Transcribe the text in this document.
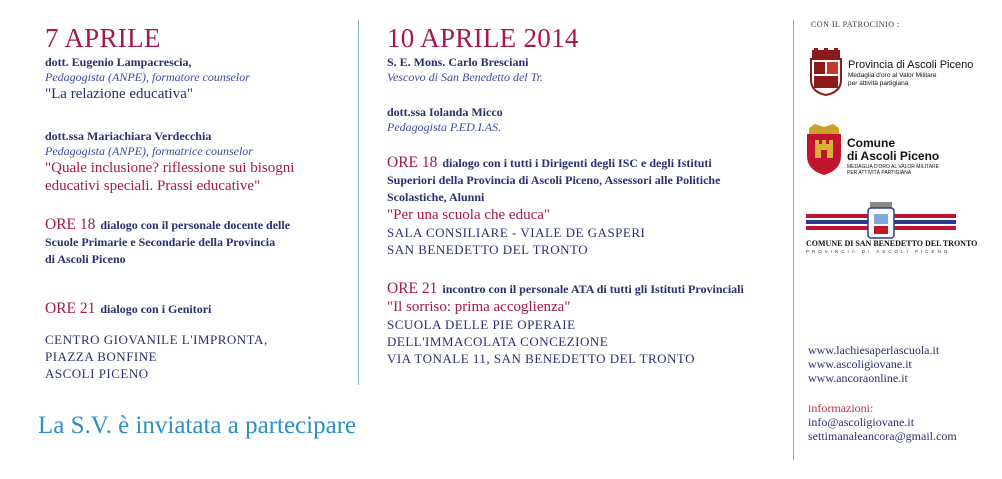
7 APRILE
dott. Eugenio Lampacrescia,
Pedagogista (ANPE), formatore counselor
"La relazione educativa"
dott.ssa Mariachiara Verdecchia
Pedagogista (ANPE), formatrice counselor
"Quale inclusione? riflessione sui bisogni
educativi speciali. Prassi educative"
ORE 18 dialogo con il personale docente delle
Scuole Primarie e Secondarie della Provincia
di Ascoli Piceno
ORE 21 dialogo con i Genitori
CENTRO GIOVANILE L'IMPRONTA,
PIAZZA BONFINE
ASCOLI PICENO
10 APRILE 2014
S. E. Mons. Carlo Bresciani
Vescovo di San Benedetto del Tr.
dott.ssa Iolanda Micco
Pedagogista P.ED.I.AS.
ORE 18 dialogo con i tutti i Dirigenti degli ISC e degli Istituti
Superiori della Provincia di Ascoli Piceno, Assessori alle Politiche
Scolastiche, Alunni
"Per una scuola che educa"
SALA CONSILIARE - VIALE DE GASPERI
SAN BENEDETTO DEL TRONTO
ORE 21 incontro con il personale ATA di tutti gli Istituti Provinciali
"Il sorriso: prima accoglienza"
SCUOLA DELLE PIE OPERAIE
DELL'IMMACOLATA CONCEZIONE
VIA TONALE 11, SAN BENEDETTO DEL TRONTO
La S.V. è inviatata a partecipare
CON IL PATROCINIO :
Provincia di Ascoli Piceno
Medaglia d'oro al Valor Militare
per attività partigiana
Comune
di Ascoli Piceno
MEDAGLIA D'ORO AL VALOR MILITARE
PER ATTIVITÀ PARTIGIANA
COMUNE DI SAN BENEDETTO DEL TRONTO
PROVINCIA DI ASCOLI PICENO
www.lachiesaperlascuola.it
www.ascoligiovane.it
www.ancoraonline.it
informazioni:
info@ascoligiovane.it
settimanaleancora@gmail.com
